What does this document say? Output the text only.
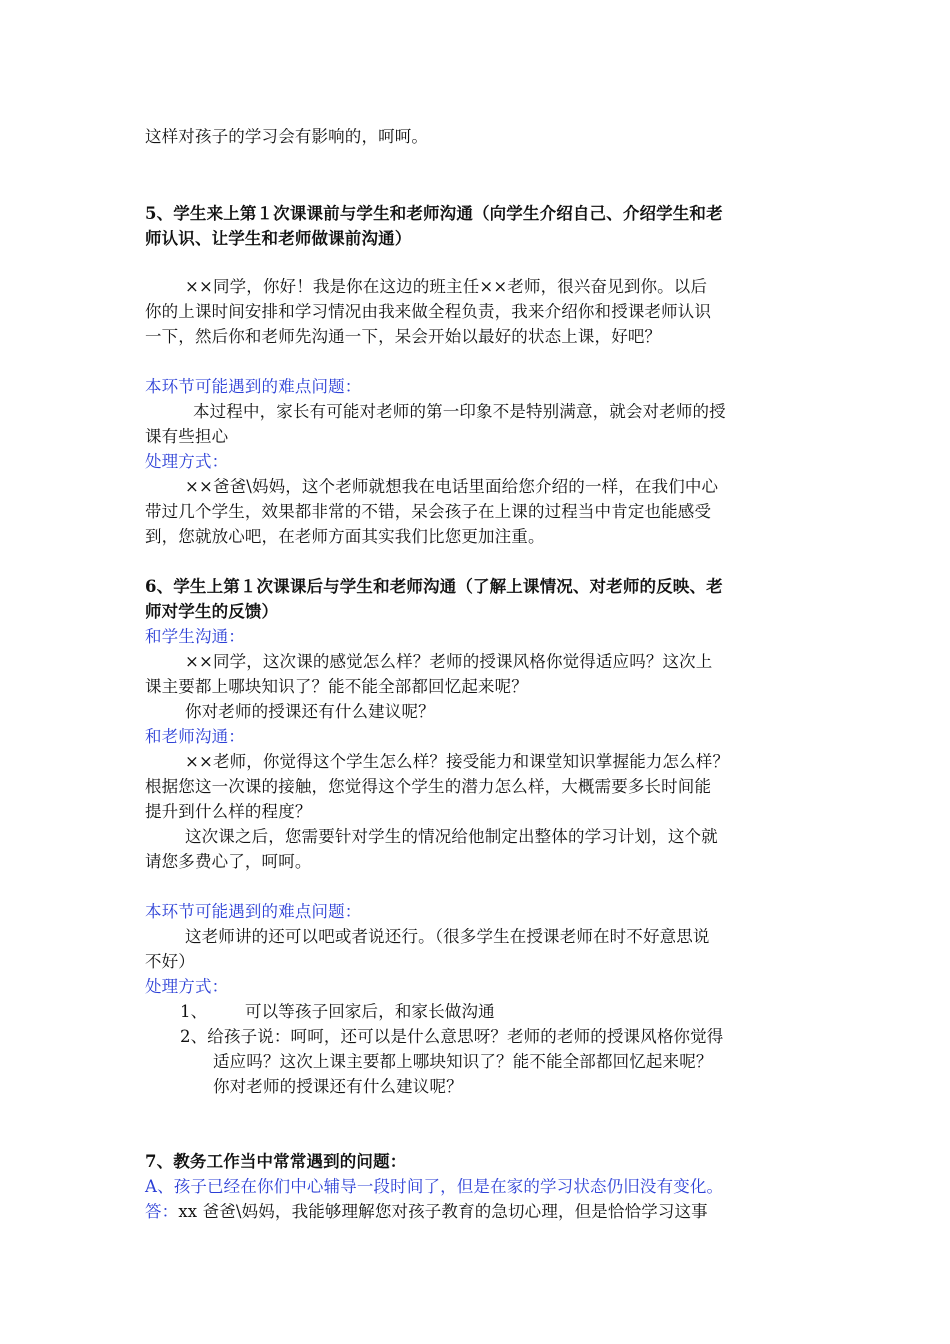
这样对孩子的学习会有影响的，呵呵。
5、学生来上第１次课课前与学生和老师沟通（向学生介绍自己、介绍学生和老
师认识、让学生和老师做课前沟通）
××同学，你好！我是你在这边的班主任××老师，很兴奋见到你。以后
你的上课时间安排和学习情况由我来做全程负责，我来介绍你和授课老师认识
一下，然后你和老师先沟通一下，呆会开始以最好的状态上课，好吧？
本环节可能遇到的难点问题：
本过程中，家长有可能对老师的第一印象不是特别满意，就会对老师的授
课有些担心
处理方式：
××爸爸\妈妈，这个老师就想我在电话里面给您介绍的一样，在我们中心
带过几个学生，效果都非常的不错，呆会孩子在上课的过程当中肯定也能感受
到，您就放心吧，在老师方面其实我们比您更加注重。
6、学生上第１次课课后与学生和老师沟通（了解上课情况、对老师的反映、老
师对学生的反馈）
和学生沟通：
××同学，这次课的感觉怎么样？老师的授课风格你觉得适应吗？这次上
课主要都上哪块知识了？能不能全部都回忆起来呢？
你对老师的授课还有什么建议呢？
和老师沟通：
××老师，你觉得这个学生怎么样？接受能力和课堂知识掌握能力怎么样？
根据您这一次课的接触，您觉得这个学生的潜力怎么样，大概需要多长时间能
提升到什么样的程度？
这次课之后，您需要针对学生的情况给他制定出整体的学习计划，这个就
请您多费心了，呵呵。
本环节可能遇到的难点问题：
这老师讲的还可以吧或者说还行。（很多学生在授课老师在时不好意思说
不好）
处理方式：
1、 可以等孩子回家后，和家长做沟通
2、给孩子说：呵呵，还可以是什么意思呀？老师的老师的授课风格你觉得
适应吗？这次上课主要都上哪块知识了？能不能全部都回忆起来呢？
你对老师的授课还有什么建议呢？
7、教务工作当中常常遇到的问题：
A、孩子已经在你们中心辅导一段时间了，但是在家的学习状态仍旧没有变化。
答：xx 爸爸\妈妈，我能够理解您对孩子教育的急切心理，但是恰恰学习这事
